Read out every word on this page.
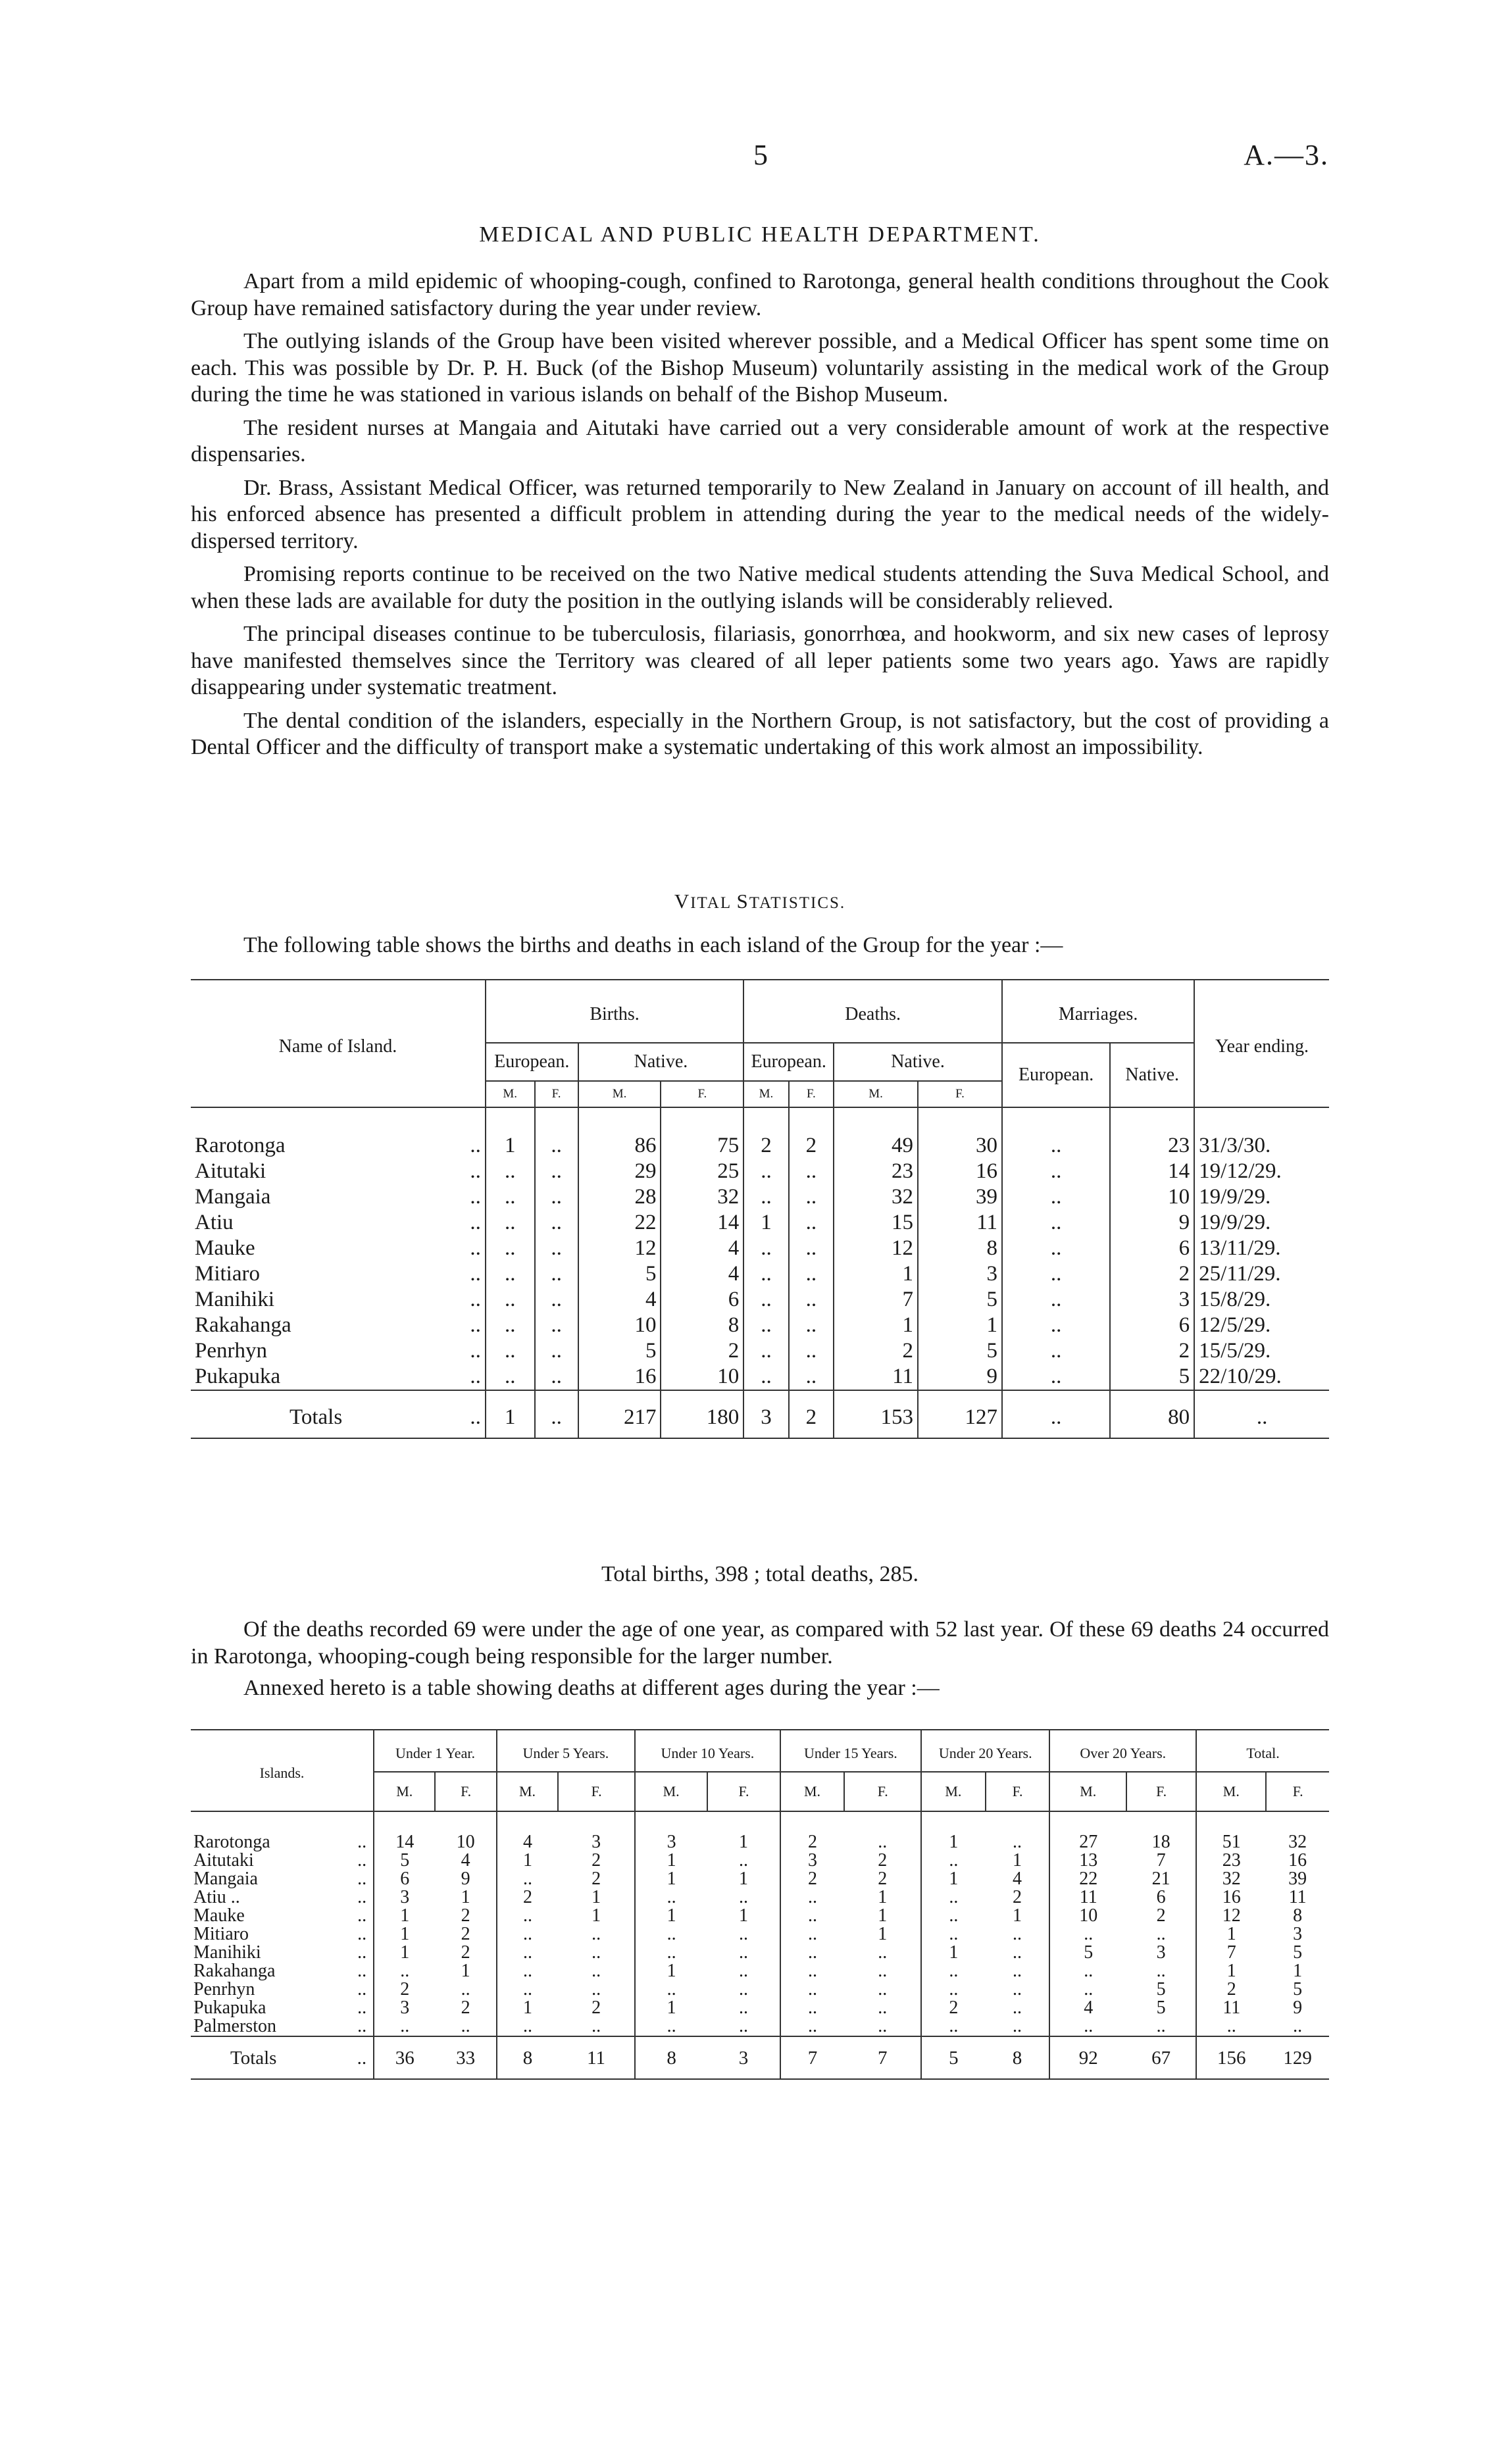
5	A.—3.
MEDICAL AND PUBLIC HEALTH DEPARTMENT.

Apart from a mild epidemic of whooping-cough, confined to Rarotonga, general health conditions throughout the Cook Group have remained satisfactory during the year under review.

The outlying islands of the Group have been visited wherever possible, and a Medical Officer has spent some time on each. This was possible by Dr. P. H. Buck (of the Bishop Museum) voluntarily assisting in the medical work of the Group during the time he was stationed in various islands on behalf of the Bishop Museum.

The resident nurses at Mangaia and Aitutaki have carried out a very considerable amount of work at the respective dispensaries.

Dr. Brass, Assistant Medical Officer, was returned temporarily to New Zealand in January on account of ill health, and his enforced absence has presented a difficult problem in attending during the year to the medical needs of the widely-dispersed territory.

Promising reports continue to be received on the two Native medical students attending the Suva Medical School, and when these lads are available for duty the position in the outlying islands will be considerably relieved.

The principal diseases continue to be tuberculosis, filariasis, gonorrhœa, and hookworm, and six new cases of leprosy have manifested themselves since the Territory was cleared of all leper patients some two years ago. Yaws are rapidly disappearing under systematic treatment.

The dental condition of the islanders, especially in the Northern Group, is not satisfactory, but the cost of providing a Dental Officer and the difficulty of transport make a systematic undertaking of this work almost an impossibility.

VITAL STATISTICS.
The following table shows the births and deaths in each island of the Group for the year :—
Name of Island.	Births.				Deaths.				Marriages.		Year ending.
	European.		Native.		European.		Native.		European.	Native.	
	M.	F.	M.	F.	M.	F.	M.	F.			
Rarotonga ..	1	..	86	75	2	2	49	30	..	23	31/3/30.
Aitutaki ..	..	..	29	25	..	..	23	16	..	14	19/12/29.
Mangaia ..	..	..	28	32	..	..	32	39	..	10	19/9/29.
Atiu ..	..	..	22	14	1	..	15	11	..	9	19/9/29.
Mauke ..	..	..	12	4	..	..	12	8	..	6	13/11/29.
Mitiaro ..	..	..	5	4	..	..	1	3	..	2	25/11/29.
Manihiki ..	..	..	4	6	..	..	7	5	..	3	15/8/29.
Rakahanga ..	..	..	10	8	..	..	1	1	..	6	12/5/29.
Penrhyn ..	..	..	5	2	..	..	2	5	..	2	15/5/29.
Pukapuka ..	..	..	16	10	..	..	11	9	..	5	22/10/29.
Totals ..	1	..	217	180	3	2	153	127	..	80	..
Total births, 398 ; total deaths, 285.

Of the deaths recorded 69 were under the age of one year, as compared with 52 last year. Of these 69 deaths 24 occurred in Rarotonga, whooping-cough being responsible for the larger number.

Annexed hereto is a table showing deaths at different ages during the year :—

Islands.	Under 1 Year.		Under 5 Years.		Under 10 Years.		Under 15 Years.		Under 20 Years.		Over 20 Years.		Total.	
	M.	F.	M.	F.	M.	F.	M.	F.	M.	F.	M.	F.	M.	F.
Rarotonga ..	14	10	4	3	3	1	2	..	1	..	27	18	51	32
Aitutaki ..	5	4	1	2	1	..	3	2	..	1	13	7	23	16
Mangaia ..	6	9	..	2	1	1	2	2	1	4	22	21	32	39
Atiu .. ..	3	1	2	1	..	..	..	1	..	2	11	6	16	11
Mauke ..	1	2	..	1	1	1	..	1	..	1	10	2	12	8
Mitiaro ..	1	2	..	..	..	..	..	1	..	..	..	..	1	3
Manihiki ..	1	2	..	..	..	..	..	..	1	..	5	3	7	5
Rakahanga ..	..	1	..	..	1	..	..	..	..	..	..	..	1	1
Penrhyn ..	2	..	..	..	..	..	..	..	..	..	..	5	2	5
Pukapuka ..	3	2	1	2	1	..	..	..	2	..	4	5	11	9
Palmerston ..	..	..	..	..	..	..	..	..	..	..	..	..	..	..
Totals ..	36	33	8	11	8	3	7	7	5	8	92	67	156	129
